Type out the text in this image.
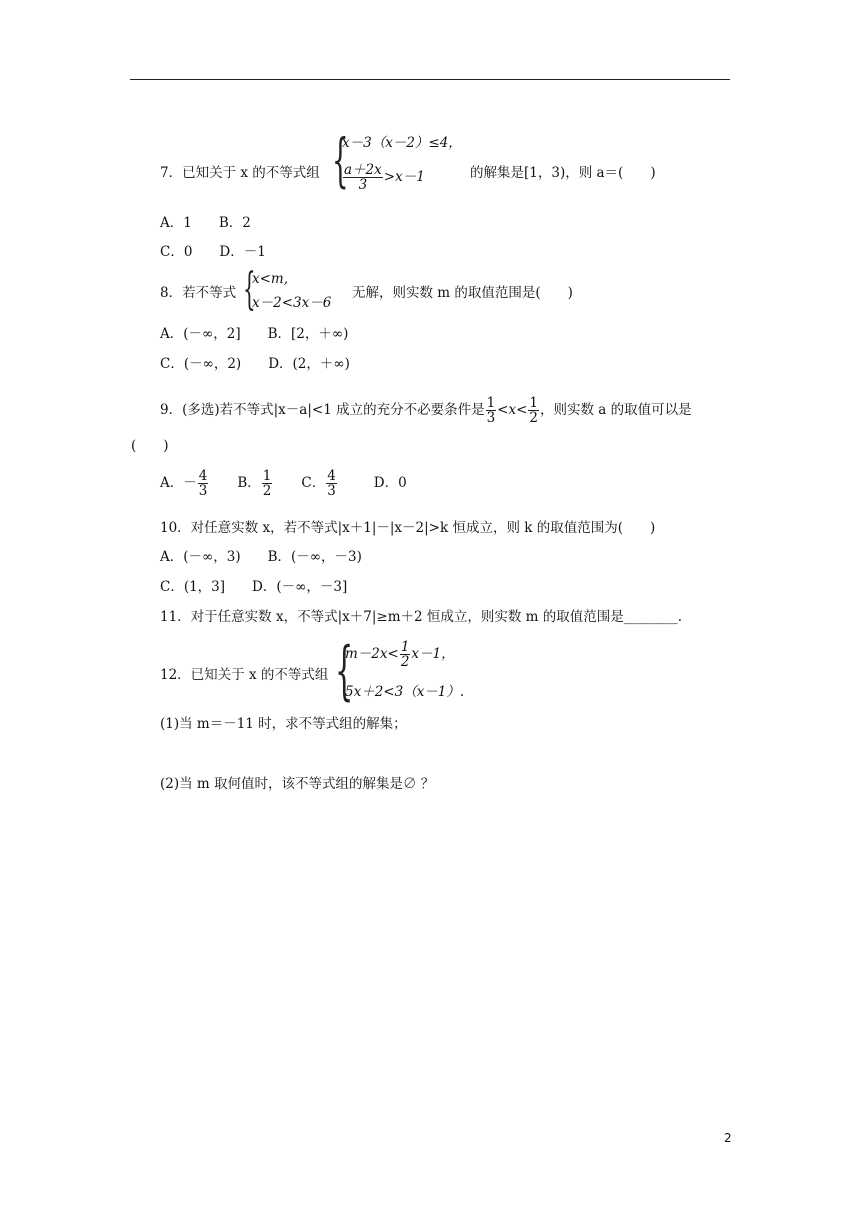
7．已知关于 x 的不等式组 {
x－3（x－2）≤4，
$\frac{a+2x}{3} >x-1$	的解集是[1，3)，则 a＝(　　)
A．1　　B．2
C．0　　D．－1
8．若不等式 {
x<m,
x－2<3x－6
无解，则实数 m 的取值范围是(　　)
A．(－∞，2]　　B．[2，＋∞)
C．(－∞，2)　　D．(2，＋∞)
9．(多选)若不等式|x－a|<1 成立的充分不必要条件是 $\frac{1}{3} <x< \frac{1}{2}$ ，则实数 a 的取值可以是
(　　)
A．－ $\frac{4}{3}$ B． $\frac{1}{2}$ C． $\frac{4}{3}$	D．0
10．对任意实数 x，若不等式|x＋1|－|x－2|>k 恒成立，则 k 的取值范围为(　　)
A．(－∞，3)　　B．(－∞，－3)
C．(1，3]　　D．(－∞，－3]
11．对于任意实数 x，不等式|x＋7|≥m＋2 恒成立，则实数 m 的取值范围是________.
12．已知关于 x 的不等式组 {
$m-2x< \frac{1}{2} x-1$，
5x＋2<3（x－1）.
(1)当 m＝－11 时，求不等式组的解集；
(2)当 m 取何值时，该不等式组的解集是∅ ？
2
